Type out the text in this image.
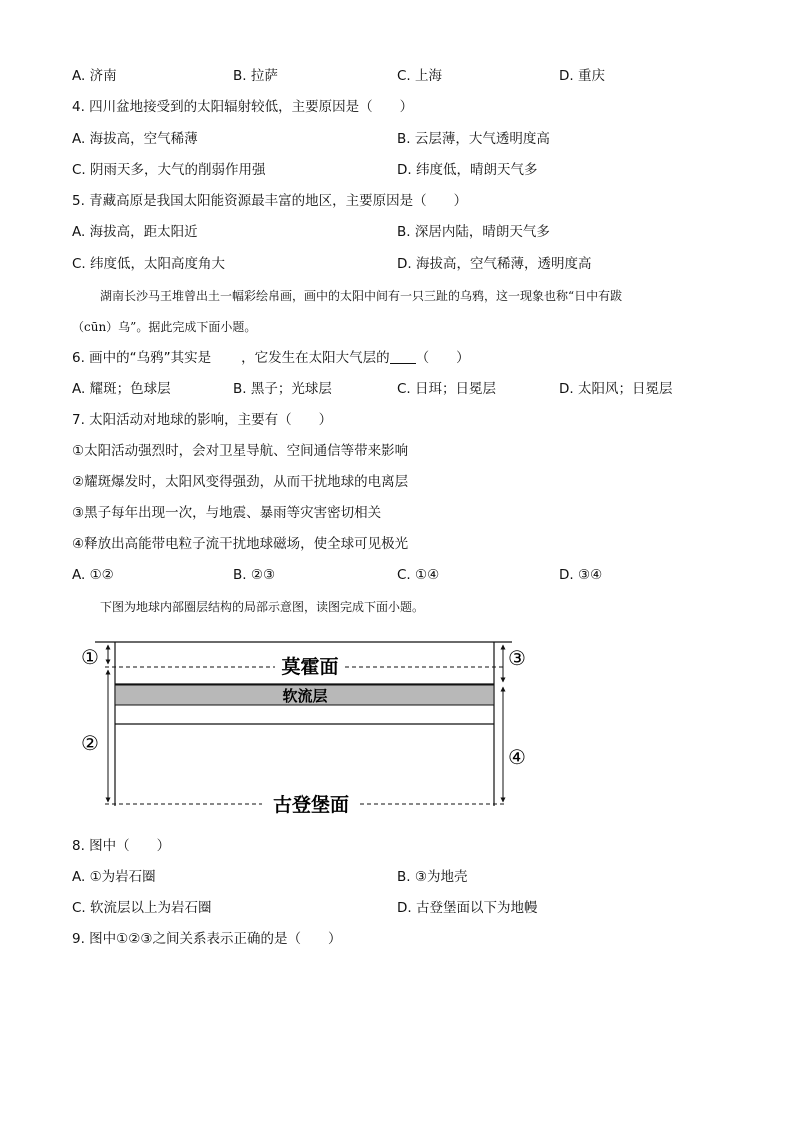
A. 济南	B. 拉萨	C. 上海	D. 重庆
4. 四川盆地接受到的太阳辐射较低，主要原因是（　　）
A. 海拔高，空气稀薄	B. 云层薄，大气透明度高
C. 阴雨天多，大气的削弱作用强	D. 纬度低，晴朗天气多
5. 青藏高原是我国太阳能资源最丰富的地区，主要原因是（　　）
A. 海拔高，距太阳近	B. 深居内陆，晴朗天气多
C. 纬度低，太阳高度角大	D. 海拔高，空气稀薄，透明度高
湖南长沙马王堆曾出土一幅彩绘帛画，画中的太阳中间有一只三趾的乌鸦，这一现象也称“日中有跋
（cūn）乌”。据此完成下面小题。
6. 画中的“乌鸦”其实是 ，它发生在太阳大气层的 （　　）
A. 耀斑；色球层	B. 黑子；光球层	C. 日珥；日冕层	D. 太阳风；日冕层
7. 太阳活动对地球的影响，主要有（　　）
①太阳活动强烈时，会对卫星导航、空间通信等带来影响
②耀斑爆发时，太阳风变得强劲，从而干扰地球的电离层
③黑子每年出现一次，与地震、暴雨等灾害密切相关
④释放出高能带电粒子流干扰地球磁场，使全球可见极光
A. ①②	B. ②③	C. ①④	D. ③④
下图为地球内部圈层结构的局部示意图，读图完成下面小题。
①
②
③
④
莫霍面
软流层
古登堡面
8. 图中（　　）
A. ①为岩石圈	B. ③为地壳
C. 软流层以上为岩石圈	D. 古登堡面以下为地幔
9. 图中①②③之间关系表示正确的是（　　）
